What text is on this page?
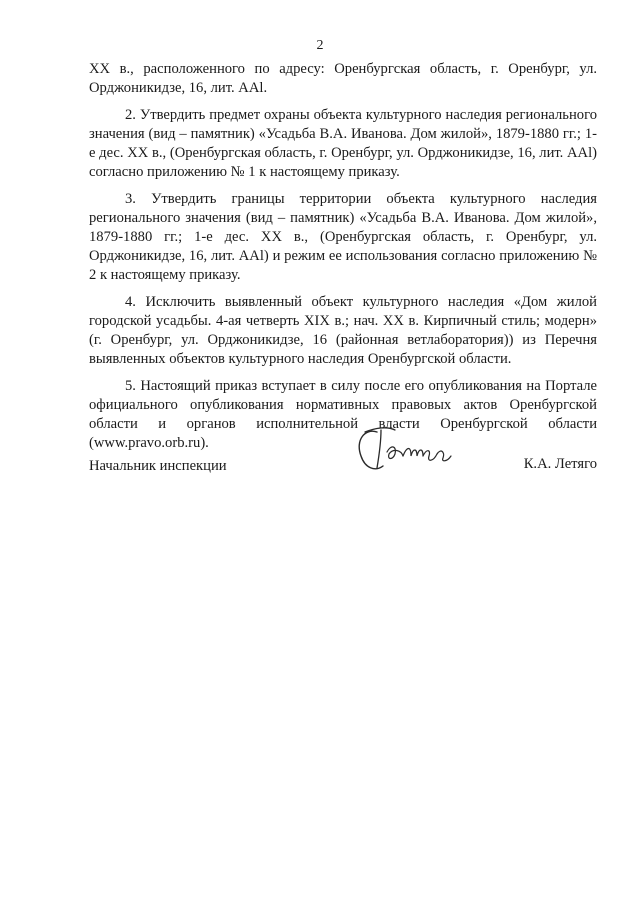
2

XX в., расположенного по адресу: Оренбургская область, г. Оренбург, ул. Орджоникидзе, 16, лит. ААl.

2. Утвердить предмет охраны объекта культурного наследия регионального значения (вид – памятник) «Усадьба В.А. Иванова. Дом жилой», 1879-1880 гг.; 1-е дес. XX в., (Оренбургская область, г. Оренбург, ул. Орджоникидзе, 16, лит. ААl) согласно приложению № 1 к настоящему приказу.

3. Утвердить границы территории объекта культурного наследия регионального значения (вид – памятник) «Усадьба В.А. Иванова. Дом жилой», 1879-1880 гг.; 1-е дес. XX в., (Оренбургская область, г. Оренбург, ул. Орджоникидзе, 16, лит. ААl) и режим ее использования согласно приложению № 2 к настоящему приказу.

4. Исключить выявленный объект культурного наследия «Дом жилой городской усадьбы. 4-ая четверть XIX в.; нач. XX в. Кирпичный стиль; модерн» (г. Оренбург, ул. Орджоникидзе, 16 (районная ветлаборатория)) из Перечня выявленных объектов культурного наследия Оренбургской области.

5. Настоящий приказ вступает в силу после его опубликования на Портале официального опубликования нормативных правовых актов Оренбургской области и органов исполнительной власти Оренбургской области (www.pravo.orb.ru).

Начальник инспекции	К.А. Летяго
